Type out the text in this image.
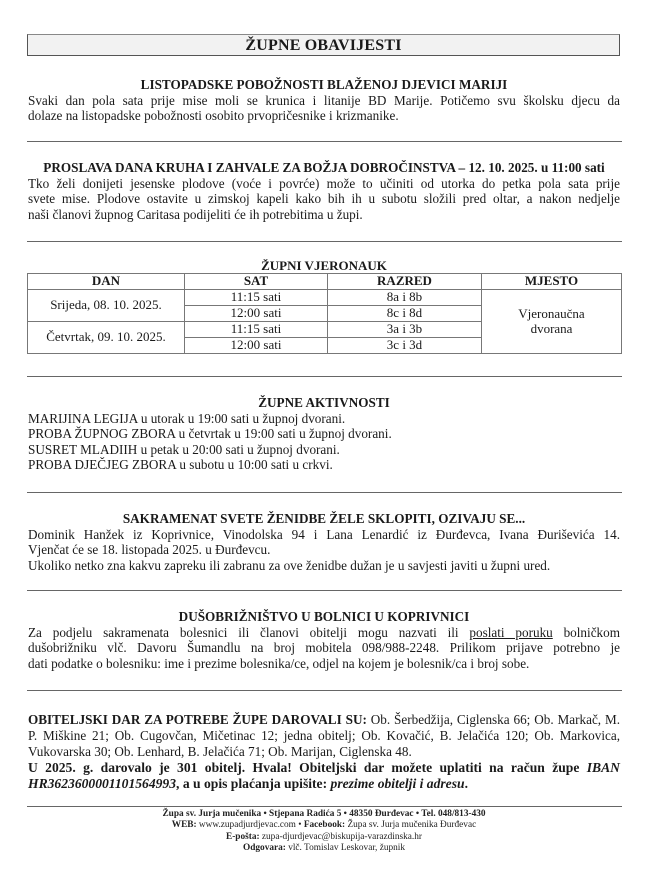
ŽUPNE OBAVIJESTI
LISTOPADSKE POBOŽNOSTI BLAŽENOJ DJEVICI MARIJI

Svaki dan pola sata prije mise moli se krunica i litanije BD Marije. Potičemo svu školsku djecu da

dolaze na listopadske pobožnosti osobito prvopričesnike i krizmanike.

PROSLAVA DANA KRUHA I ZAHVALE ZA BOŽJA DOBROČINSTVA – 12. 10. 2025. u 11:00 sati

Tko želi donijeti jesenske plodove (voće i povrće) može to učiniti od utorka do petka pola sata prije

svete mise. Plodove ostavite u zimskoj kapeli kako bih ih u subotu složili pred oltar, a nakon nedjelje

naši članovi župnog Caritasa podijeliti će ih potrebitima u župi.

ŽUPNI VJERONAUK
DAN	SAT	RAZRED	MJESTO
Srijeda, 08. 10. 2025.	11:15 sati	8a i 8b	Vjeronaučna
dvorana
	12:00 sati	8c i 8d	
Četvrtak, 09. 10. 2025.	11:15 sati	3a i 3b	
	12:00 sati	3c i 3d	
ŽUPNE AKTIVNOSTI

MARIJINA LEGIJA u utorak u 19:00 sati u župnoj dvorani.

PROBA ŽUPNOG ZBORA u četvrtak u 19:00 sati u župnoj dvorani.

SUSRET MLADIIH u petak u 20:00 sati u župnoj dvorani.

PROBA DJEČJEG ZBORA u subotu u 10:00 sati u crkvi.

SAKRAMENAT SVETE ŽENIDBE ŽELE SKLOPITI, OZIVAJU SE...

Dominik Hanžek iz Koprivnice, Vinodolska 94 i Lana Lenardić iz Đurđevca, Ivana Đuriševića 14.

Vjenčat će se 18. listopada 2025. u Đurđevcu.

Ukoliko netko zna kakvu zapreku ili zabranu za ove ženidbe dužan je u savjesti javiti u župni ured.

DUŠOBRIŽNIŠTVO U BOLNICI U KOPRIVNICI

Za podjelu sakramenata bolesnici ili članovi obitelji mogu nazvati ili poslati poruku bolničkom

dušobrižniku vlč. Davoru Šumandlu na broj mobitela 098/988-2248. Prilikom prijave potrebno je

dati podatke o bolesniku: ime i prezime bolesnika/ce, odjel na kojem je bolesnik/ca i broj sobe.

OBITELJSKI DAR ZA POTREBE ŽUPE DAROVALI SU: Ob. Šerbedžija, Ciglenska 66; Ob. Markač, M.

P. Miškine 21; Ob. Cugovčan, Mičetinac 12; jedna obitelj; Ob. Kovačić, B. Jelačića 120; Ob. Markovica,

Vukovarska 30; Ob. Lenhard, B. Jelačića 71; Ob. Marijan, Ciglenska 48.

U 2025. g. darovalo je 301 obitelj. Hvala! Obiteljski dar možete uplatiti na račun župe IBAN HR3623600001101564993, a u opis plaćanja upišite: prezime obitelji i adresu.

Župa sv. Jurja mučenika • Stjepana Radića 5 • 48350 Đurđevac • Tel. 048/813-430
WEB: www.zupadjurdjevac.com • Facebook: Župa sv. Jurja mučenika Đurđevac
E-pošta: zupa-djurdjevac@biskupija-varazdinska.hr
Odgovara: vlč. Tomislav Leskovar, župnik
